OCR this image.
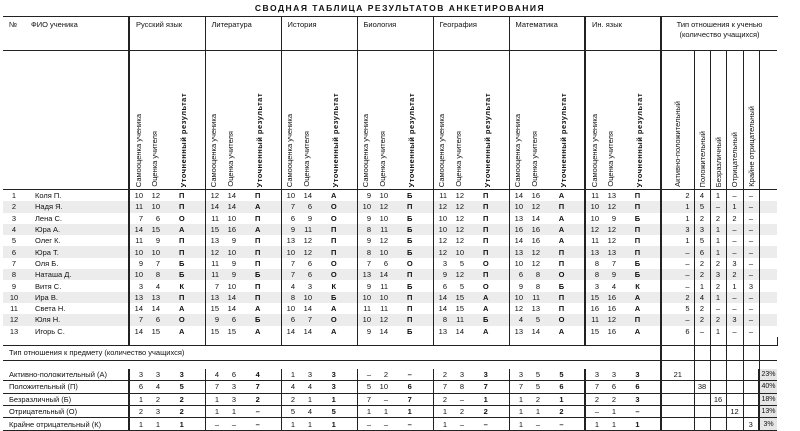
СВОДНАЯ ТАБЛИЦА РЕЗУЛЬТАТОВ АНКЕТИРОВАНИЯ
№	ФИО ученика	Русский язык			Литература			История			Биология			География			Математика			Ин. язык			Тип отношения к ученью (количество учащихся)						
		Самооценка ученика	Оценка учителя	Уточненный результат	Самооценка ученика	Оценка учителя	Уточненный результат	Самооценка ученика	Оценка учителя	Уточненный результат	Самооценка ученика	Оценка учителя	Уточненный результат	Самооценка ученика	Оценка учителя	Уточненный результат	Самооценка ученика	Оценка учителя	Уточненный результат	Самооценка ученика	Оценка учителя	Уточненный результат	Активно-положительный	Положительный	Безразличный	Отрицательный	Крайне отрицательный		
1	Коля П.	10	12	П	12	14	П	10	14	А	9	10	Б	11	12	П	14	16	А	11	13	П	2	4	1	–	–		
2	Надя Я.	11	10	П	14	14	А	7	6	О	10	12	П	12	12	П	10	12	П	10	12	П	1	5	–	1	–		
3	Лена С.	7	6	О	11	10	П	6	9	О	9	10	Б	10	12	П	13	14	А	10	9	Б	1	2	2	2	–		
4	Юра А.	14	15	А	15	16	А	9	11	П	8	11	Б	10	12	П	16	16	А	12	12	П	3	3	1	–	–		
5	Олег К.	11	9	П	13	9	П	13	12	П	9	12	Б	12	12	П	14	16	А	11	12	П	1	5	1	–	–		
6	Юра Т.	10	10	П	12	10	П	10	12	П	8	10	Б	12	10	П	13	12	П	13	13	П	–	6	1	–	–		
7	Оля Б.	9	7	Б	11	9	П	7	6	О	7	6	О	3	5	О	10	12	П	8	7	Б	–	2	2	3	–		
8	Наташа Д.	10	8	Б	11	9	Б	7	6	О	13	14	П	9	12	П	6	8	О	8	9	Б	–	2	3	2	–		
9	Витя С.	3	4	К	7	10	П	4	3	К	9	11	Б	6	5	О	9	8	Б	3	4	К	–	1	2	1	3		
10	Ира В.	13	13	П	13	14	П	8	10	Б	10	10	П	14	15	А	10	11	П	15	16	А	2	4	1	–	–		
11	Света Н.	14	14	А	15	14	А	10	14	А	11	11	П	14	15	А	12	13	П	16	16	А	5	2	–	–	–		
12	Юля Н.	7	6	О	9	6	Б	6	7	О	10	12	П	8	11	Б	4	5	О	11	12	П	–	2	2	3	–		
13	Игорь С.	14	15	А	15	15	А	14	14	А	9	14	Б	13	14	А	13	14	А	15	16	А	6	–	1	–	–		

Тип отношения к предмету (количество учащихся)																													

Активно-положительный (А)		3	3	3	4	6	4	1	3	3	–	2	–	2	3	3	3	5	5	3	3	3	21					23%	
Положительный (П)		6	4	5	7	3	7	4	4	3	5	10	6	7	8	7	7	5	6	7	6	6		38				40%	
Безразличный (Б)		1	2	2	1	3	2	2	1	1	7	–	7	2	–	1	1	2	1	2	2	3			16			18%	
Отрицательный (О)		2	3	2	1	1	–	5	4	5	1	1	1	1	2	2	1	1	2	–	1	–				12		13%	
Крайне отрицательный (К)		1	1	1	–	–	–	1	1	1	–	–	–	1	–	–	1	–	–	1	1	1					3	3%	
